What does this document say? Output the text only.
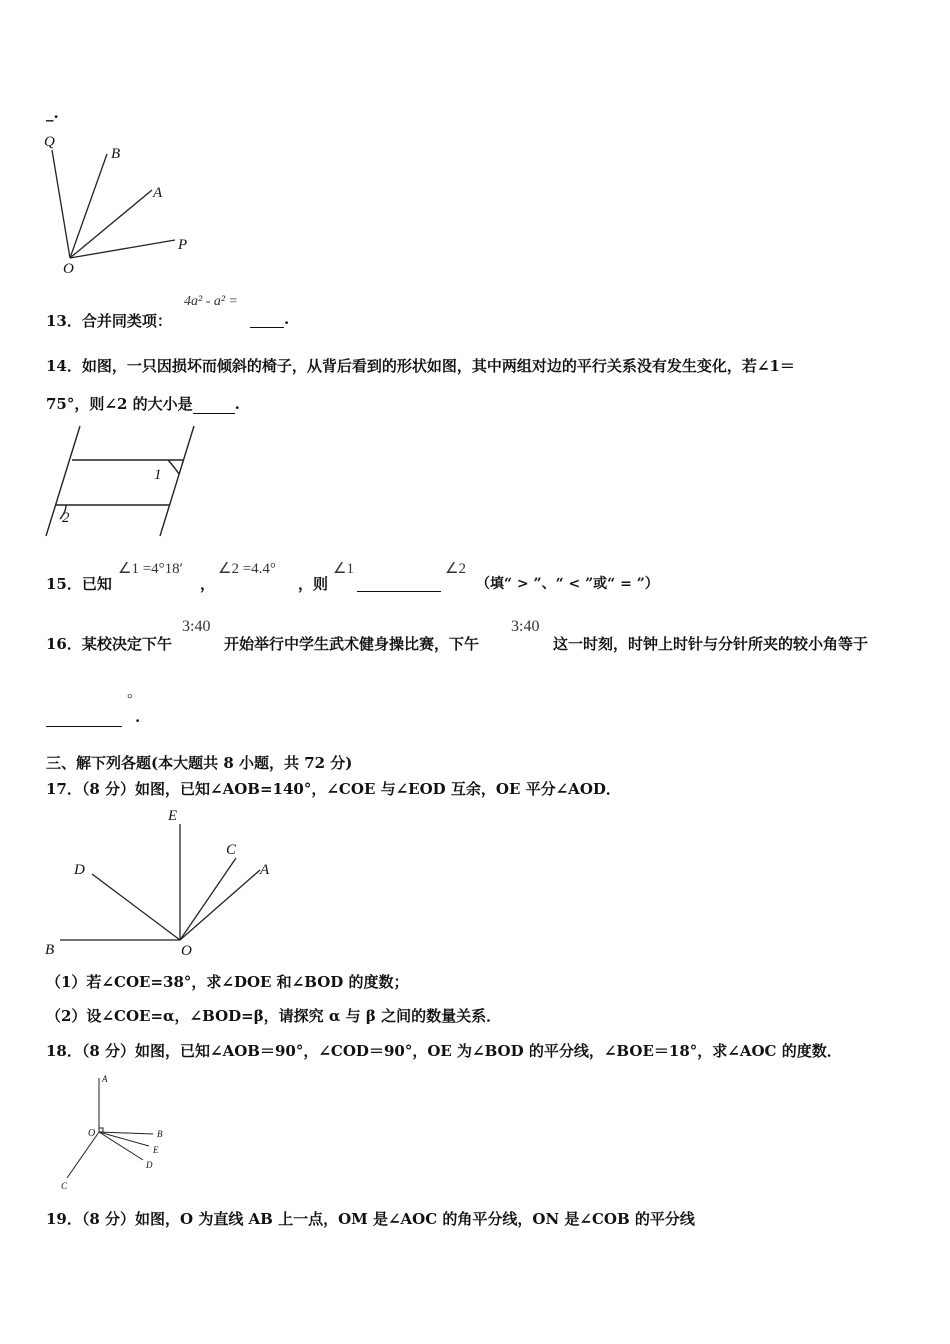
_.
Q
B
A
P
O
13．合并同类项：
4a² - a² =
.
14．如图，一只因损坏而倾斜的椅子，从背后看到的形状如图，其中两组对边的平行关系没有发生变化，若∠1＝
75°，则∠2 的大小是	.
1
2
15．已知
∠1 =4°18′
，
∠2 =4.4°
，则
∠1	∠2
（填“ > ”、“ < ”或“ = ”）
16．某校决定下午
3:40
开始举行中学生武术健身操比赛，下午
3:40
这一时刻，时钟上时针与分针所夹的较小角等于
°
.
三、解下列各题(本大题共 8 小题，共 72 分)
17．（8 分）如图，已知∠AOB=140°，∠COE 与∠EOD 互余，OE 平分∠AOD．
E
C
A
D
B	O
（1）若∠COE=38°，求∠DOE 和∠BOD 的度数；
（2）设∠COE=α，∠BOD=β，请探究 α 与 β 之间的数量关系．
18．（8 分）如图，已知∠AOB＝90°，∠COD＝90°，OE 为∠BOD 的平分线，∠BOE＝18°，求∠AOC 的度数．
A
O	B
E
D
C
19．（8 分）如图，O 为直线 AB 上一点，OM 是∠AOC 的角平分线，ON 是∠COB 的平分线
